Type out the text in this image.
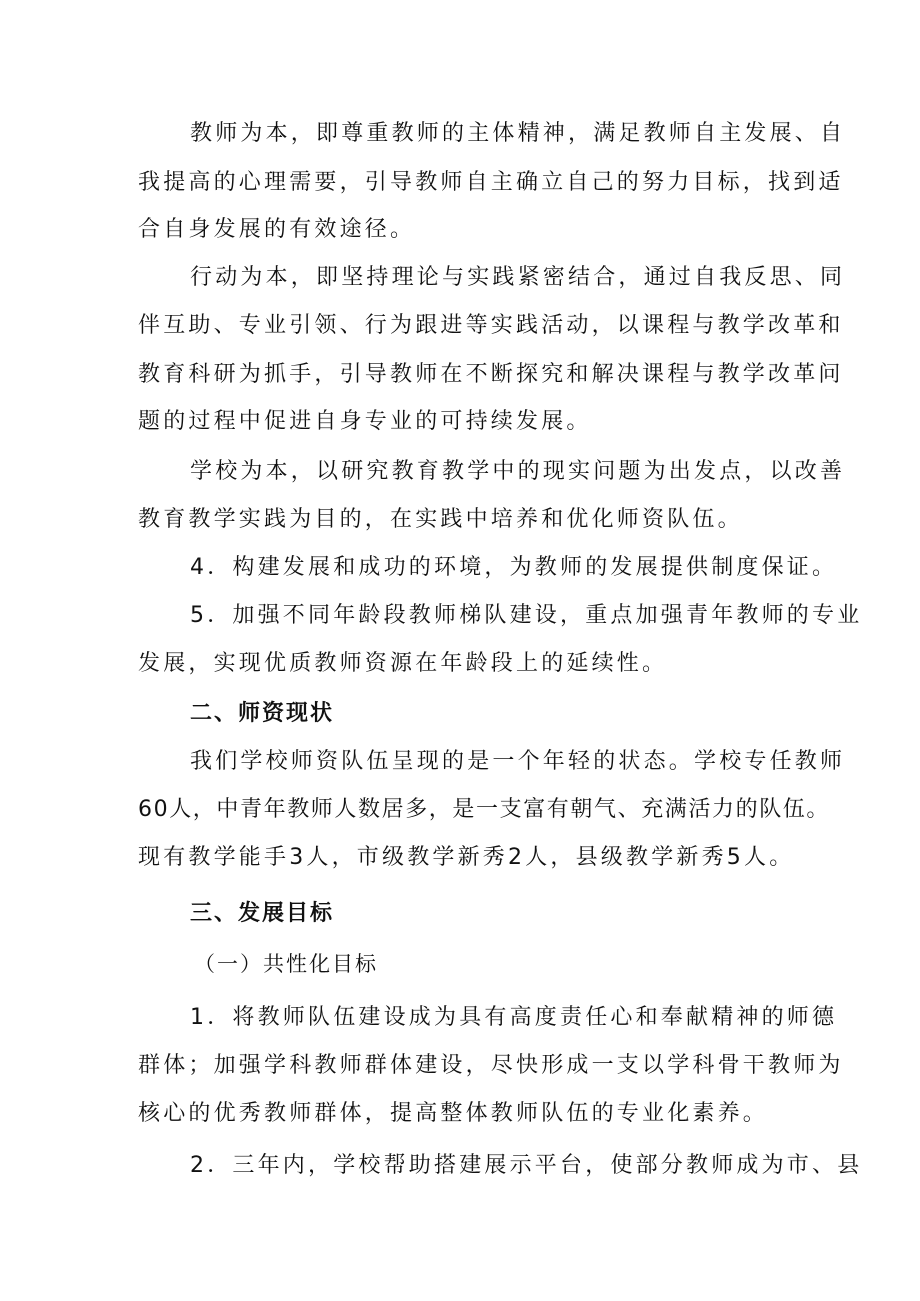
教师为本，即尊重教师的主体精神，满足教师自主发展、自
我提高的心理需要，引导教师自主确立自己的努力目标，找到适
合自身发展的有效途径。
行动为本，即坚持理论与实践紧密结合，通过自我反思、同
伴互助、专业引领、行为跟进等实践活动，以课程与教学改革和
教育科研为抓手，引导教师在不断探究和解决课程与教学改革问
题的过程中促进自身专业的可持续发展。
学校为本，以研究教育教学中的现实问题为出发点，以改善
教育教学实践为目的，在实践中培养和优化师资队伍。
4．构建发展和成功的环境，为教师的发展提供制度保证。
5．加强不同年龄段教师梯队建设，重点加强青年教师的专业
发展，实现优质教师资源在年龄段上的延续性。
二、师资现状
我们学校师资队伍呈现的是一个年轻的状态。学校专任教师
60人，中青年教师人数居多，是一支富有朝气、充满活力的队伍。
现有教学能手3人，市级教学新秀2人，县级教学新秀5人。
三、发展目标
（一）共性化目标
1．将教师队伍建设成为具有高度责任心和奉献精神的师德
群体；加强学科教师群体建设，尽快形成一支以学科骨干教师为
核心的优秀教师群体，提高整体教师队伍的专业化素养。
2．三年内，学校帮助搭建展示平台，使部分教师成为市、县
